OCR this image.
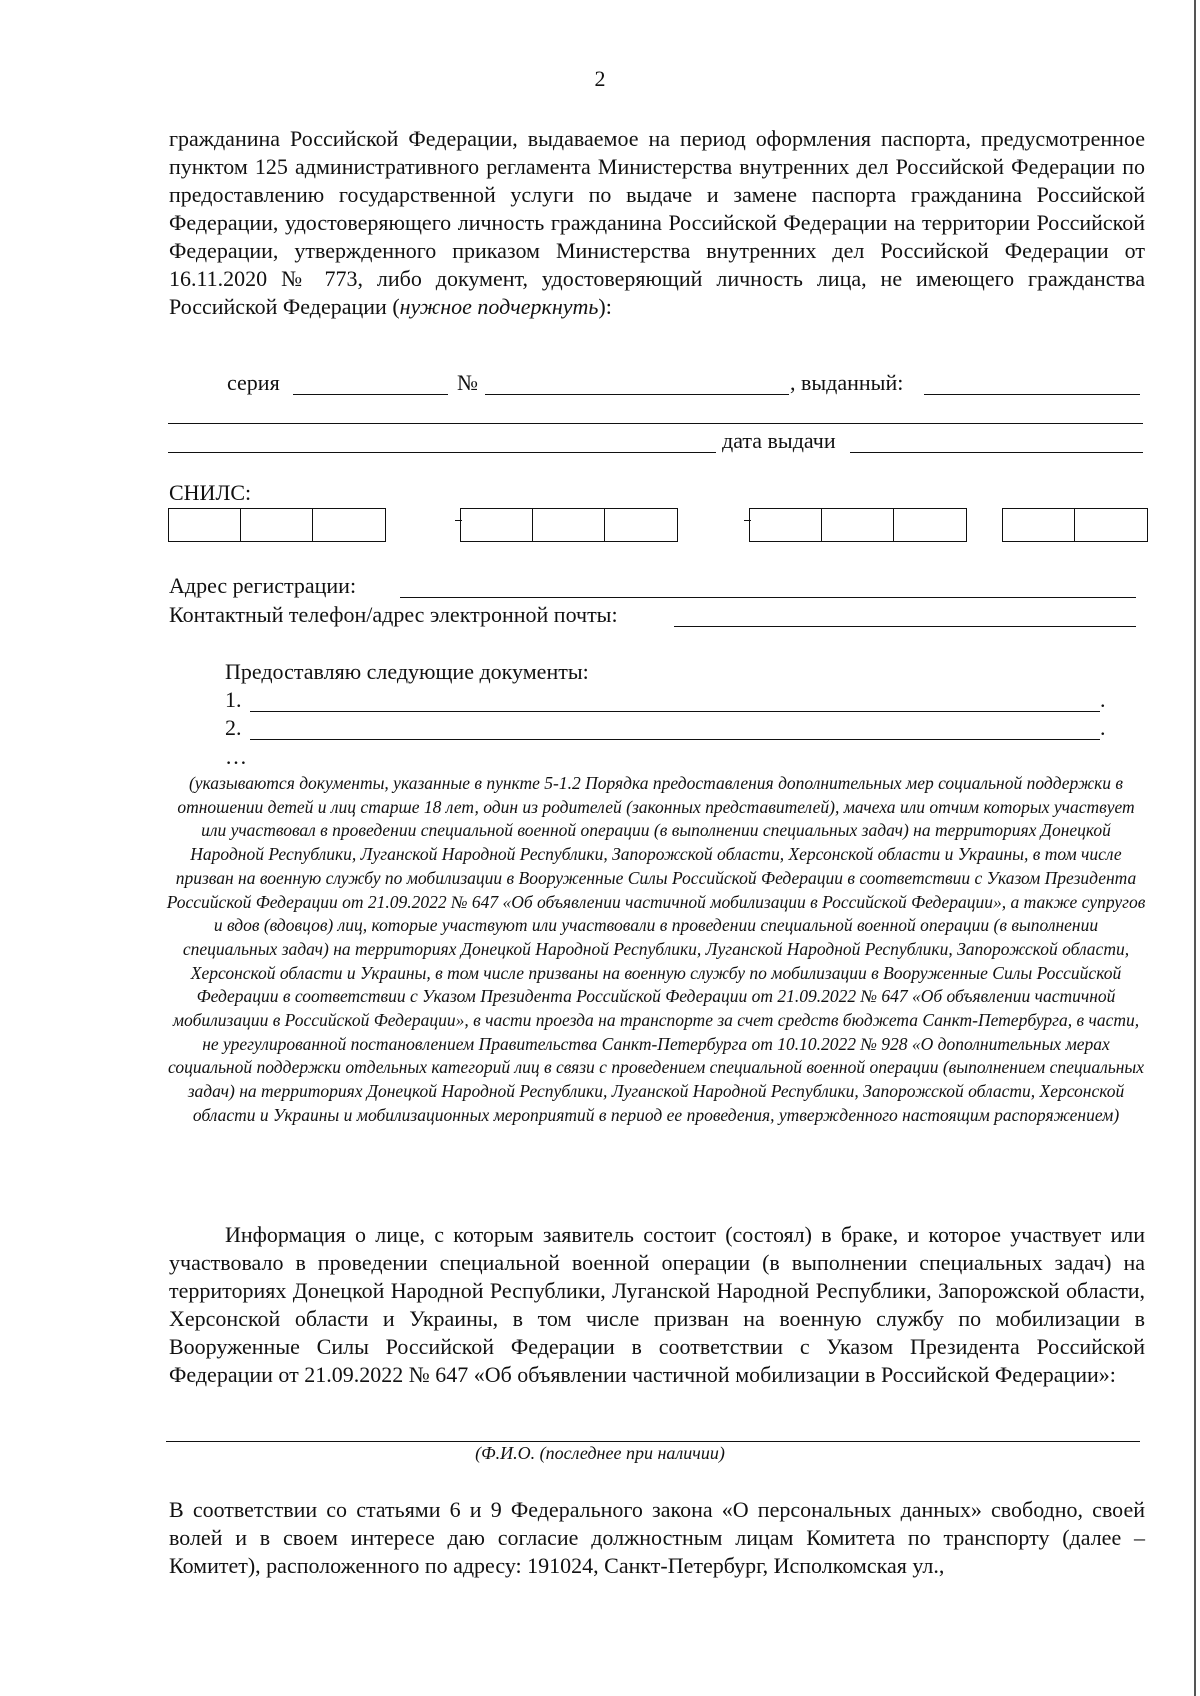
2
гражданина Российской Федерации, выдаваемое на период оформления паспорта, предусмотренное пунктом 125 административного регламента Министерства внутренних дел Российской Федерации по предоставлению государственной услуги по выдаче и замене паспорта гражданина Российской Федерации, удостоверяющего личность гражданина Российской Федерации на территории Российской Федерации, утвержденного приказом Министерства внутренних дел Российской Федерации от 16.11.2020 № 773, либо документ, удостоверяющий личность лица, не имеющего гражданства Российской Федерации (нужное подчеркнуть):
серия	№	, выданный:
дата выдачи
СНИЛС:
Адрес регистрации:
Контактный телефон/адрес электронной почты:
Предоставляю следующие документы:
1.	.
2.	.
…
(указываются документы, указанные в пункте 5-1.2 Порядка предоставления дополнительных мер социальной поддержки в отношении детей и лиц старше 18 лет, один из родителей (законных представителей), мачеха или отчим которых участвует или участвовал в проведении специальной военной операции (в выполнении специальных задач) на территориях Донецкой Народной Республики, Луганской Народной Республики, Запорожской области, Херсонской области и Украины, в том числе призван на военную службу по мобилизации в Вооруженные Силы Российской Федерации в соответствии с Указом Президента Российской Федерации от 21.09.2022 № 647 «Об объявлении частичной мобилизации в Российской Федерации», а также супругов и вдов (вдовцов) лиц, которые участвуют или участвовали в проведении специальной военной операции (в выполнении специальных задач) на территориях Донецкой Народной Республики, Луганской Народной Республики, Запорожской области, Херсонской области и Украины, в том числе призваны на военную службу по мобилизации в Вооруженные Силы Российской Федерации в соответствии с Указом Президента Российской Федерации от 21.09.2022 № 647 «Об объявлении частичной мобилизации в Российской Федерации», в части проезда на транспорте за счет средств бюджета Санкт-Петербурга, в части, не урегулированной постановлением Правительства Санкт-Петербурга от 10.10.2022 № 928 «О дополнительных мерах социальной поддержки отдельных категорий лиц в связи с проведением специальной военной операции (выполнением специальных задач) на территориях Донецкой Народной Республики, Луганской Народной Республики, Запорожской области, Херсонской области и Украины и мобилизационных мероприятий в период ее проведения, утвержденного настоящим распоряжением)
Информация о лице, с которым заявитель состоит (состоял) в браке, и которое участвует или участвовало в проведении специальной военной операции (в выполнении специальных задач) на территориях Донецкой Народной Республики, Луганской Народной Республики, Запорожской области, Херсонской области и Украины, в том числе призван на военную службу по мобилизации в Вооруженные Силы Российской Федерации в соответствии с Указом Президента Российской Федерации от 21.09.2022 № 647 «Об объявлении частичной мобилизации в Российской Федерации»:
(Ф.И.О. (последнее при наличии)
В соответствии со статьями 6 и 9 Федерального закона «О персональных данных» свободно, своей волей и в своем интересе даю согласие должностным лицам Комитета по транспорту (далее – Комитет), расположенного по адресу: 191024, Санкт-Петербург, Исполкомская ул.,
